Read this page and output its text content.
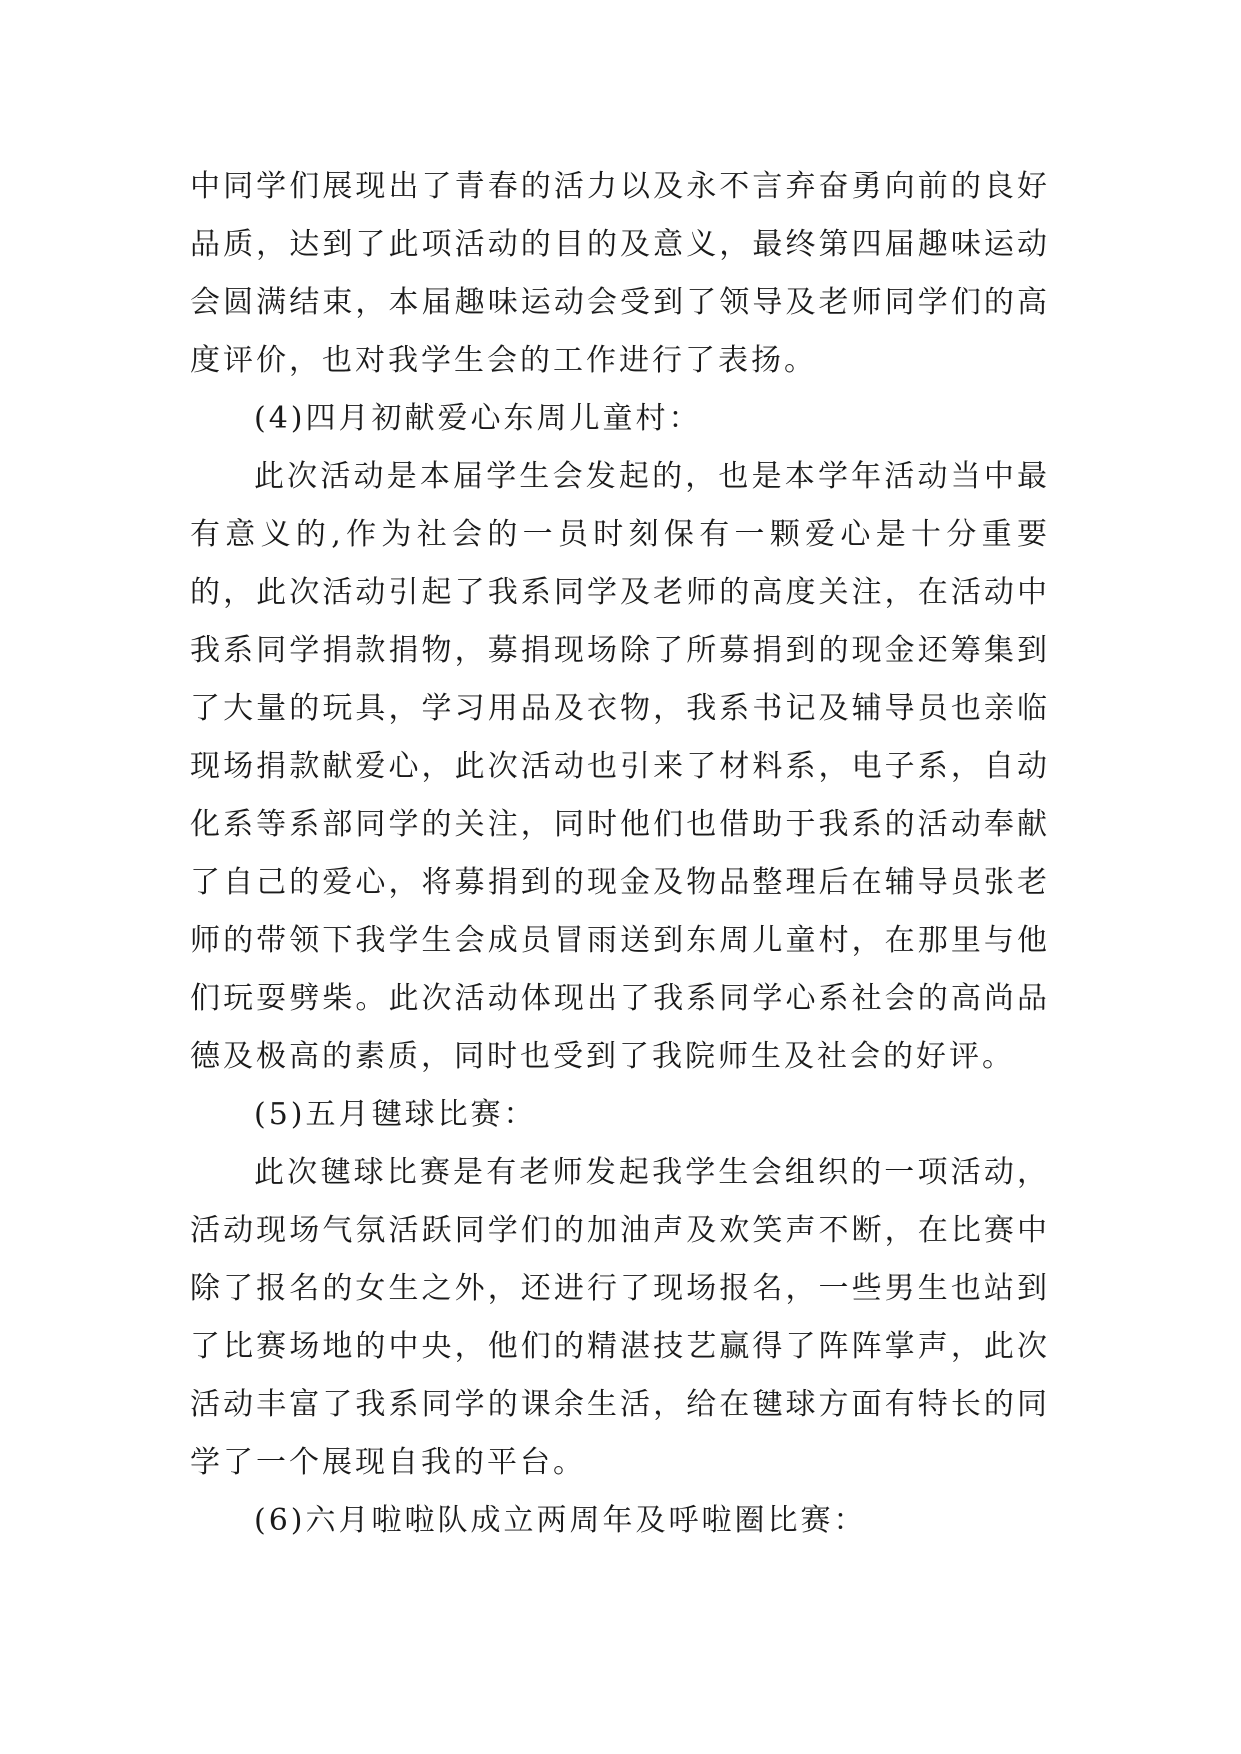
中同学们展现出了青春的活力以及永不言弃奋勇向前的良好品质，达到了此项活动的目的及意义，最终第四届趣味运动会圆满结束，本届趣味运动会受到了领导及老师同学们的高度评价，也对我学生会的工作进行了表扬。

(4)四月初献爱心东周儿童村：

此次活动是本届学生会发起的，也是本学年活动当中最有意义的,作为社会的一员时刻保有一颗爱心是十分重要的，此次活动引起了我系同学及老师的高度关注，在活动中我系同学捐款捐物，募捐现场除了所募捐到的现金还筹集到了大量的玩具，学习用品及衣物，我系书记及辅导员也亲临现场捐款献爱心，此次活动也引来了材料系，电子系，自动化系等系部同学的关注，同时他们也借助于我系的活动奉献了自己的爱心，将募捐到的现金及物品整理后在辅导员张老师的带领下我学生会成员冒雨送到东周儿童村，在那里与他们玩耍劈柴。此次活动体现出了我系同学心系社会的高尚品德及极高的素质，同时也受到了我院师生及社会的好评。

(5)五月毽球比赛：

此次毽球比赛是有老师发起我学生会组织的一项活动，活动现场气氛活跃同学们的加油声及欢笑声不断，在比赛中除了报名的女生之外，还进行了现场报名，一些男生也站到了比赛场地的中央，他们的精湛技艺赢得了阵阵掌声，此次活动丰富了我系同学的课余生活，给在毽球方面有特长的同学了一个展现自我的平台。

(6)六月啦啦队成立两周年及呼啦圈比赛：
